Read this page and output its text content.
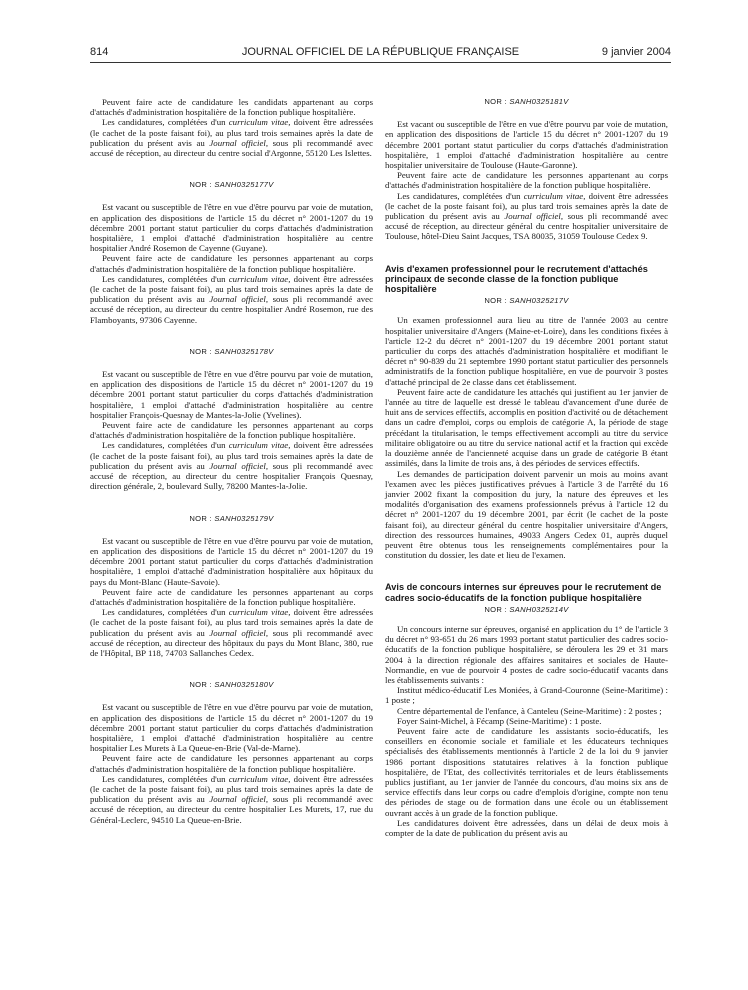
814	JOURNAL OFFICIEL DE LA RÉPUBLIQUE FRANÇAISE	9 janvier 2004

Peuvent faire acte de candidature les candidats appartenant au corps d'attachés d'administration hospitalière de la fonction publique hospitalière.

Les candidatures, complétées d'un curriculum vitae, doivent être adressées (le cachet de la poste faisant foi), au plus tard trois semaines après la date de publication du présent avis au Journal officiel, sous pli recommandé avec accusé de réception, au directeur du centre social d'Argonne, 55120 Les Islettes.

NOR : SANH0325177V

Est vacant ou susceptible de l'être en vue d'être pourvu par voie de mutation, en application des dispositions de l'article 15 du décret n° 2001-1207 du 19 décembre 2001 portant statut particulier du corps d'attachés d'administration hospitalière, 1 emploi d'attaché d'administration hospitalière au centre hospitalier André Rosemon de Cayenne (Guyane).

Peuvent faire acte de candidature les personnes appartenant au corps d'attachés d'administration hospitalière de la fonction publique hospitalière.

Les candidatures, complétées d'un curriculum vitae, doivent être adressées (le cachet de la poste faisant foi), au plus tard trois semaines après la date de publication du présent avis au Journal officiel, sous pli recommandé avec accusé de réception, au directeur du centre hospitalier André Rosemon, rue des Flamboyants, 97306 Cayenne.

NOR : SANH0325178V

Est vacant ou susceptible de l'être en vue d'être pourvu par voie de mutation, en application des dispositions de l'article 15 du décret n° 2001-1207 du 19 décembre 2001 portant statut particulier du corps d'attachés d'administration hospitalière, 1 emploi d'attaché d'administration hospitalière au centre hospitalier François-Quesnay de Mantes-la-Jolie (Yvelines).

Peuvent faire acte de candidature les personnes appartenant au corps d'attachés d'administration hospitalière de la fonction publique hospitalière.

Les candidatures, complétées d'un curriculum vitae, doivent être adressées (le cachet de la poste faisant foi), au plus tard trois semaines après la date de publication du présent avis au Journal officiel, sous pli recommandé avec accusé de réception, au directeur du centre hospitalier François Quesnay, direction générale, 2, boulevard Sully, 78200 Mantes-la-Jolie.

NOR : SANH0325179V

Est vacant ou susceptible de l'être en vue d'être pourvu par voie de mutation, en application des dispositions de l'article 15 du décret n° 2001-1207 du 19 décembre 2001 portant statut particulier du corps d'attachés d'administration hospitalière, 1 emploi d'attaché d'administration hospitalière aux hôpitaux du pays du Mont-Blanc (Haute-Savoie).

Peuvent faire acte de candidature les personnes appartenant au corps d'attachés d'administration hospitalière de la fonction publique hospitalière.

Les candidatures, complétées d'un curriculum vitae, doivent être adressées (le cachet de la poste faisant foi), au plus tard trois semaines après la date de publication du présent avis au Journal officiel, sous pli recommandé avec accusé de réception, au directeur des hôpitaux du pays du Mont Blanc, 380, rue de l'Hôpital, BP 118, 74703 Sallanches Cedex.

NOR : SANH0325180V

Est vacant ou susceptible de l'être en vue d'être pourvu par voie de mutation, en application des dispositions de l'article 15 du décret n° 2001-1207 du 19 décembre 2001 portant statut particulier du corps d'attachés d'administration hospitalière, 1 emploi d'attaché d'administration hospitalière au centre hospitalier Les Murets à La Queue-en-Brie (Val-de-Marne).

Peuvent faire acte de candidature les personnes appartenant au corps d'attachés d'administration hospitalière de la fonction publique hospitalière.

Les candidatures, complétées d'un curriculum vitae, doivent être adressées (le cachet de la poste faisant foi), au plus tard trois semaines après la date de publication du présent avis au Journal officiel, sous pli recommandé avec accusé de réception, au directeur du centre hospitalier Les Murets, 17, rue du Général-Leclerc, 94510 La Queue-en-Brie.

NOR : SANH0325181V

Est vacant ou susceptible de l'être en vue d'être pourvu par voie de mutation, en application des dispositions de l'article 15 du décret n° 2001-1207 du 19 décembre 2001 portant statut particulier du corps d'attachés d'administration hospitalière, 1 emploi d'attaché d'administration hospitalière au centre hospitalier universitaire de Toulouse (Haute-Garonne).

Peuvent faire acte de candidature les personnes appartenant au corps d'attachés d'administration hospitalière de la fonction publique hospitalière.

Les candidatures, complétées d'un curriculum vitae, doivent être adressées (le cachet de la poste faisant foi), au plus tard trois semaines après la date de publication du présent avis au Journal officiel, sous pli recommandé avec accusé de réception, au directeur général du centre hospitalier universitaire de Toulouse, hôtel-Dieu Saint Jacques, TSA 80035, 31059 Toulouse Cedex 9.

Avis d'examen professionnel pour le recrutement d'attachés principaux de seconde classe de la fonction publique hospitalière
NOR : SANH0325217V

Un examen professionnel aura lieu au titre de l'année 2003 au centre hospitalier universitaire d'Angers (Maine-et-Loire), dans les conditions fixées à l'article 12-2 du décret n° 2001-1207 du 19 décembre 2001 portant statut particulier du corps des attachés d'administration hospitalière et modifiant le décret n° 90-839 du 21 septembre 1990 portant statut particulier des personnels administratifs de la fonction publique hospitalière, en vue de pourvoir 3 postes d'attaché principal de 2e classe dans cet établissement.

Peuvent faire acte de candidature les attachés qui justifient au 1er janvier de l'année au titre de laquelle est dressé le tableau d'avancement d'une durée de huit ans de services effectifs, accomplis en position d'activité ou de détachement dans un cadre d'emploi, corps ou emplois de catégorie A, la période de stage précédant la titularisation, le temps effectivement accompli au titre du service militaire obligatoire ou au titre du service national actif et la fraction qui excède la douzième année de l'ancienneté acquise dans un grade de catégorie B étant assimilés, dans la limite de trois ans, à des périodes de services effectifs.

Les demandes de participation doivent parvenir un mois au moins avant l'examen avec les pièces justificatives prévues à l'article 3 de l'arrêté du 16 janvier 2002 fixant la composition du jury, la nature des épreuves et les modalités d'organisation des examens professionnels prévus à l'article 12 du décret n° 2001-1207 du 19 décembre 2001, par écrit (le cachet de la poste faisant foi), au directeur général du centre hospitalier universitaire d'Angers, direction des ressources humaines, 49033 Angers Cedex 01, auprès duquel peuvent être obtenus tous les renseignements complémentaires pour la constitution du dossier, les date et lieu de l'examen.

Avis de concours internes sur épreuves pour le recrutement de cadres socio-éducatifs de la fonction publique hospitalière
NOR : SANH0325214V

Un concours interne sur épreuves, organisé en application du 1° de l'article 3 du décret n° 93-651 du 26 mars 1993 portant statut particulier des cadres socio-éducatifs de la fonction publique hospitalière, se déroulera les 29 et 31 mars 2004 à la direction régionale des affaires sanitaires et sociales de Haute-Normandie, en vue de pourvoir 4 postes de cadre socio-éducatif vacants dans les établissements suivants :

Institut médico-éducatif Les Moniées, à Grand-Couronne (Seine-Maritime) : 1 poste ;

Centre départemental de l'enfance, à Canteleu (Seine-Maritime) : 2 postes ;

Foyer Saint-Michel, à Fécamp (Seine-Maritime) : 1 poste.

Peuvent faire acte de candidature les assistants socio-éducatifs, les conseillers en économie sociale et familiale et les éducateurs techniques spécialisés des établissements mentionnés à l'article 2 de la loi du 9 janvier 1986 portant dispositions statutaires relatives à la fonction publique hospitalière, de l'Etat, des collectivités territoriales et de leurs établissements publics justifiant, au 1er janvier de l'année du concours, d'au moins six ans de service effectifs dans leur corps ou cadre d'emplois d'origine, compte non tenu des périodes de stage ou de formation dans une école ou un établissement ouvrant accès à un grade de la fonction publique.

Les candidatures doivent être adressées, dans un délai de deux mois à compter de la date de publication du présent avis au
